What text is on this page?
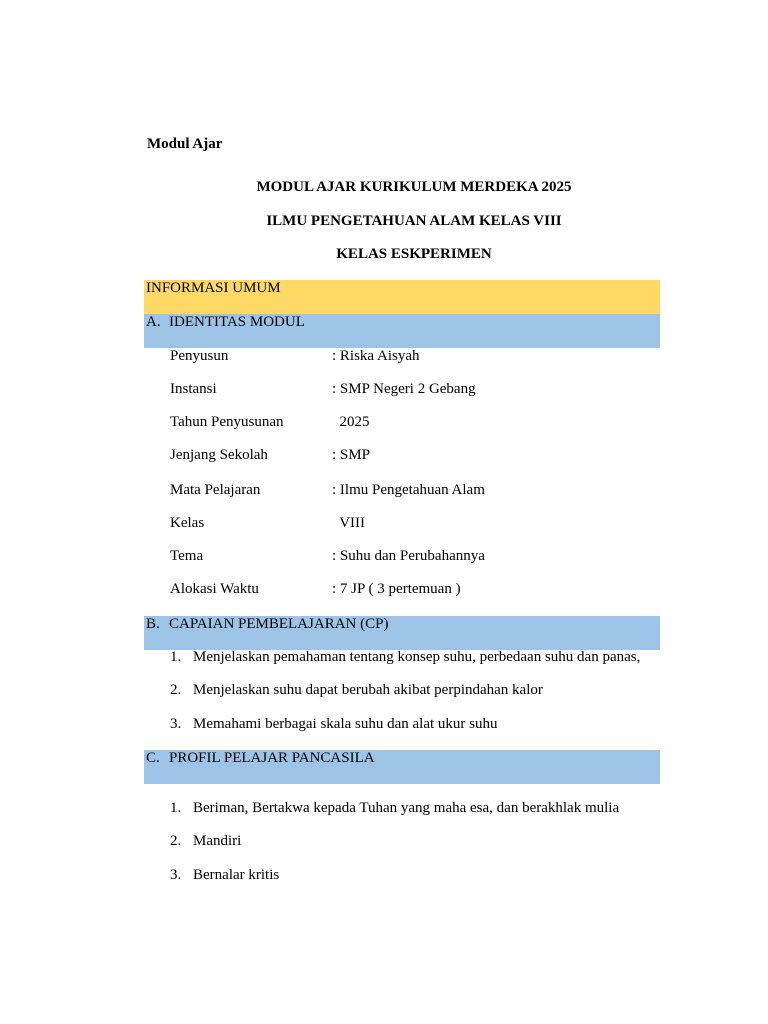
Modul Ajar
MODUL AJAR KURIKULUM MERDEKA 2025
ILMU PENGETAHUAN ALAM KELAS VIII
KELAS ESKPERIMEN
INFORMASI UMUM
A. IDENTITAS MODUL
Penyusun	: Riska Aisyah
Instansi	: SMP Negeri 2 Gebang
Tahun Penyusunan	2025
Jenjang Sekolah	: SMP
Mata Pelajaran	: Ilmu Pengetahuan Alam
Kelas	VIII
Tema	: Suhu dan Perubahannya
Alokasi Waktu	: 7 JP ( 3 pertemuan )
B. CAPAIAN PEMBELAJARAN (CP)
1. Menjelaskan pemahaman tentang konsep suhu, perbedaan suhu dan panas,
2. Menjelaskan suhu dapat berubah akibat perpindahan kalor
3. Memahami berbagai skala suhu dan alat ukur suhu
C. PROFIL PELAJAR PANCASILA
1. Beriman, Bertakwa kepada Tuhan yang maha esa, dan berakhlak mulia
2. Mandiri
3. Bernalar kritis
